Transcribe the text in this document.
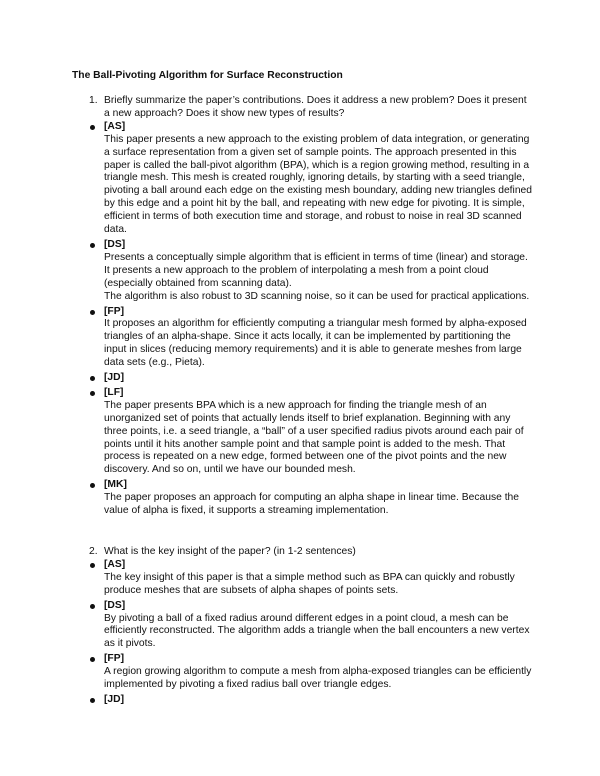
The Ball-Pivoting Algorithm for Surface Reconstruction
1. Briefly summarize the paper’s contributions. Does it address a new problem? Does it present a new approach? Does it show new types of results?
[AS]

This paper presents a new approach to the existing problem of data integration, or generating a surface representation from a given set of sample points. The approach presented in this paper is called the ball-pivot algorithm (BPA), which is a region growing method, resulting in a triangle mesh. This mesh is created roughly, ignoring details, by starting with a seed triangle, pivoting a ball around each edge on the existing mesh boundary, adding new triangles defined by this edge and a point hit by the ball, and repeating with new edge for pivoting. It is simple, efficient in terms of both execution time and storage, and robust to noise in real 3D scanned data.

[DS]

Presents a conceptually simple algorithm that is efficient in terms of time (linear) and storage.

It presents a new approach to the problem of interpolating a mesh from a point cloud (especially obtained from scanning data).

The algorithm is also robust to 3D scanning noise, so it can be used for practical applications.

[FP]

It proposes an algorithm for efficiently computing a triangular mesh formed by alpha-exposed triangles of an alpha-shape. Since it acts locally, it can be implemented by partitioning the input in slices (reducing memory requirements) and it is able to generate meshes from large data sets (e.g., Pieta).

[JD]
[LF]

The paper presents BPA which is a new approach for finding the triangle mesh of an unorganized set of points that actually lends itself to brief explanation. Beginning with any three points, i.e. a seed triangle, a “ball” of a user specified radius pivots around each pair of points until it hits another sample point and that sample point is added to the mesh. That process is repeated on a new edge, formed between one of the pivot points and the new discovery. And so on, until we have our bounded mesh.

[MK]

The paper proposes an approach for computing an alpha shape in linear time. Because the value of alpha is fixed, it supports a streaming implementation.

2. What is the key insight of the paper? (in 1-2 sentences)
[AS]

The key insight of this paper is that a simple method such as BPA can quickly and robustly produce meshes that are subsets of alpha shapes of points sets.

[DS]

By pivoting a ball of a fixed radius around different edges in a point cloud, a mesh can be efficiently reconstructed. The algorithm adds a triangle when the ball encounters a new vertex as it pivots.

[FP]

A region growing algorithm to compute a mesh from alpha-exposed triangles can be efficiently implemented by pivoting a fixed radius ball over triangle edges.

[JD]
